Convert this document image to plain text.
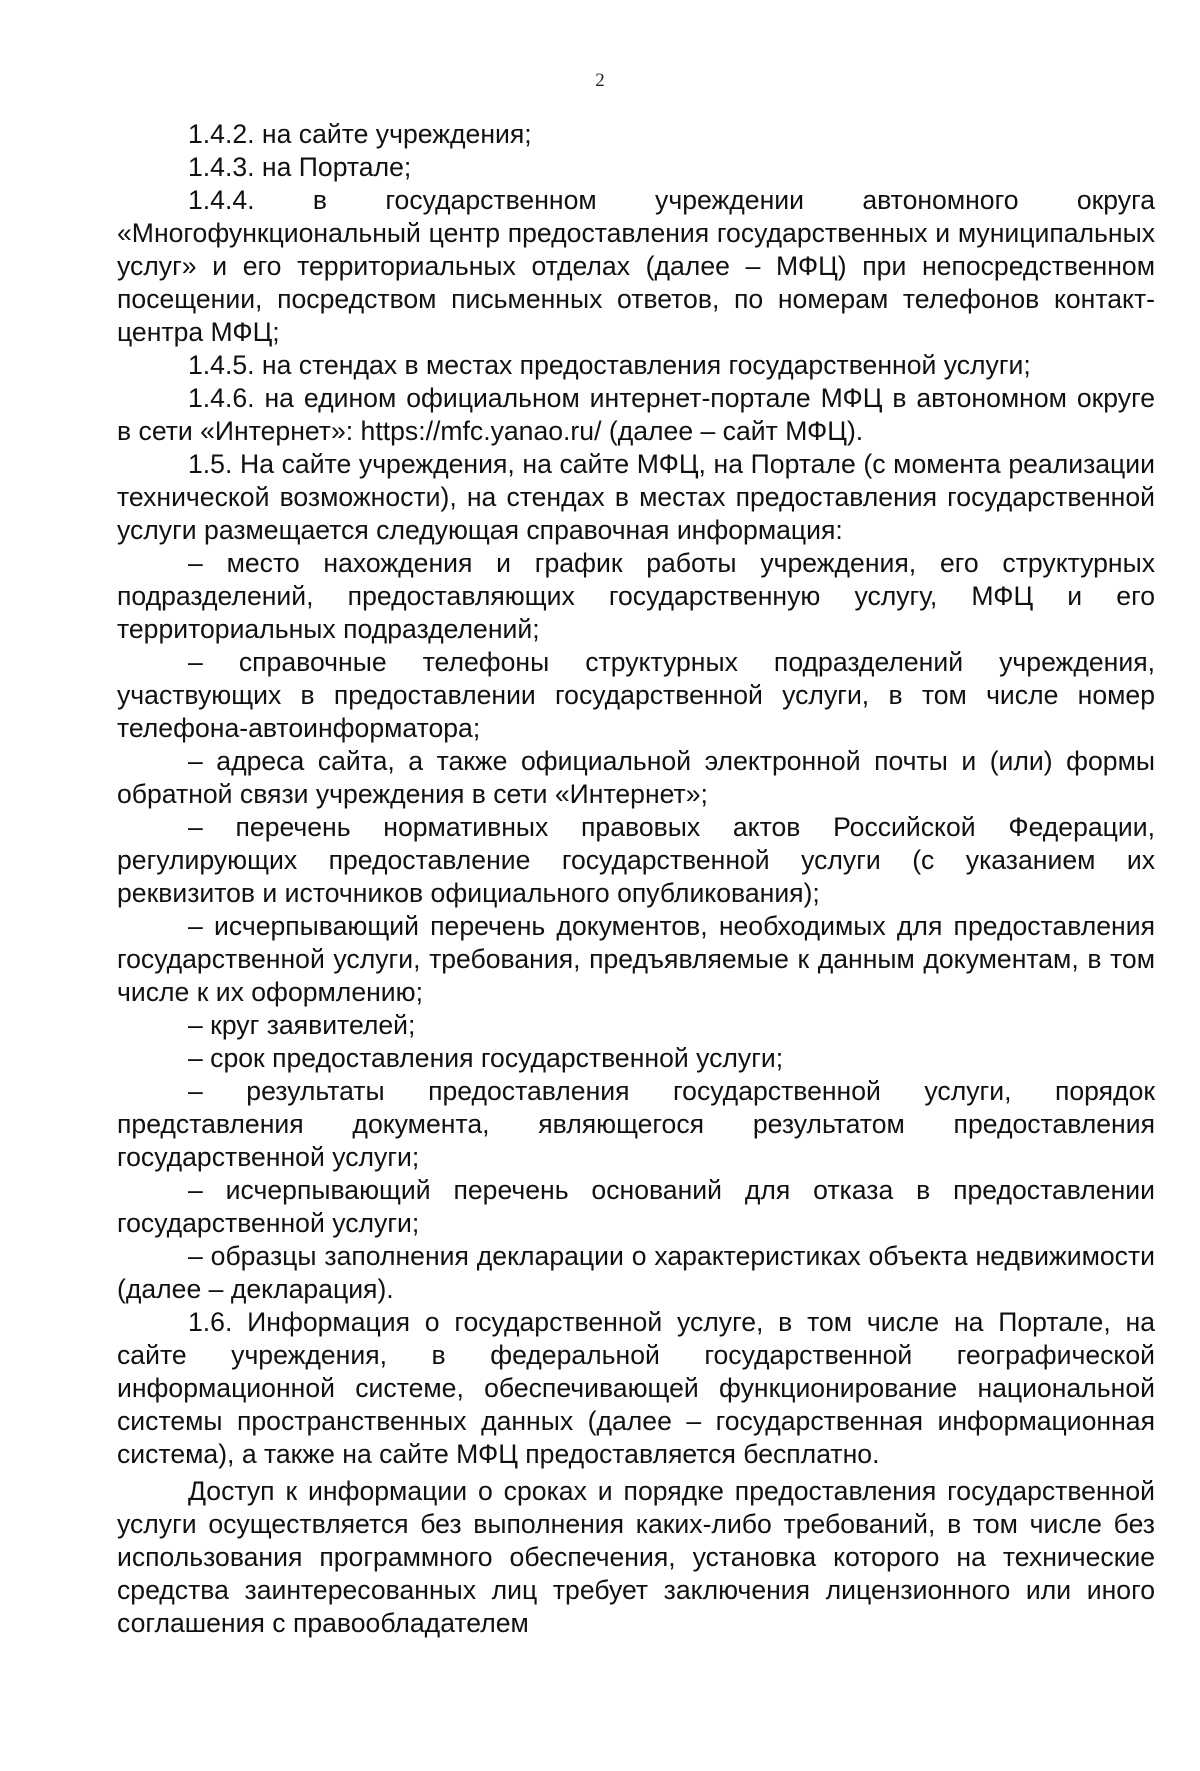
2

1.4.2. на сайте учреждения;

1.4.3. на Портале;

1.4.4. в государственном учреждении автономного округа «Многофункциональный центр предоставления государственных и муниципальных услуг» и его территориальных отделах (далее – МФЦ) при непосредственном посещении, посредством письменных ответов, по номерам телефонов контакт-центра МФЦ;

1.4.5. на стендах в местах предоставления государственной услуги;

1.4.6. на едином официальном интернет-портале МФЦ в автономном округе в сети «Интернет»: https://mfc.yanao.ru/ (далее – сайт МФЦ).

1.5. На сайте учреждения, на сайте МФЦ, на Портале (с момента реализации технической возможности), на стендах в местах предоставления государственной услуги размещается следующая справочная информация:

– место нахождения и график работы учреждения, его структурных подразделений, предоставляющих государственную услугу, МФЦ и его территориальных подразделений;

– справочные телефоны структурных подразделений учреждения, участвующих в предоставлении государственной услуги, в том числе номер телефона-автоинформатора;

– адреса сайта, а также официальной электронной почты и (или) формы обратной связи учреждения в сети «Интернет»;

– перечень нормативных правовых актов Российской Федерации, регулирующих предоставление государственной услуги (с указанием их реквизитов и источников официального опубликования);

– исчерпывающий перечень документов, необходимых для предоставления государственной услуги, требования, предъявляемые к данным документам, в том числе к их оформлению;

– круг заявителей;

– срок предоставления государственной услуги;

– результаты предоставления государственной услуги, порядок представления документа, являющегося результатом предоставления государственной услуги;

– исчерпывающий перечень оснований для отказа в предоставлении государственной услуги;

– образцы заполнения декларации о характеристиках объекта недвижимости (далее – декларация).

1.6. Информация о государственной услуге, в том числе на Портале, на сайте учреждения, в федеральной государственной географической информационной системе, обеспечивающей функционирование национальной системы пространственных данных (далее – государственная информационная система), а также на сайте МФЦ предоставляется бесплатно.

Доступ к информации о сроках и порядке предоставления государственной услуги осуществляется без выполнения каких-либо требований, в том числе без использования программного обеспечения, установка которого на технические средства заинтересованных лиц требует заключения лицензионного или иного соглашения с правообладателем
